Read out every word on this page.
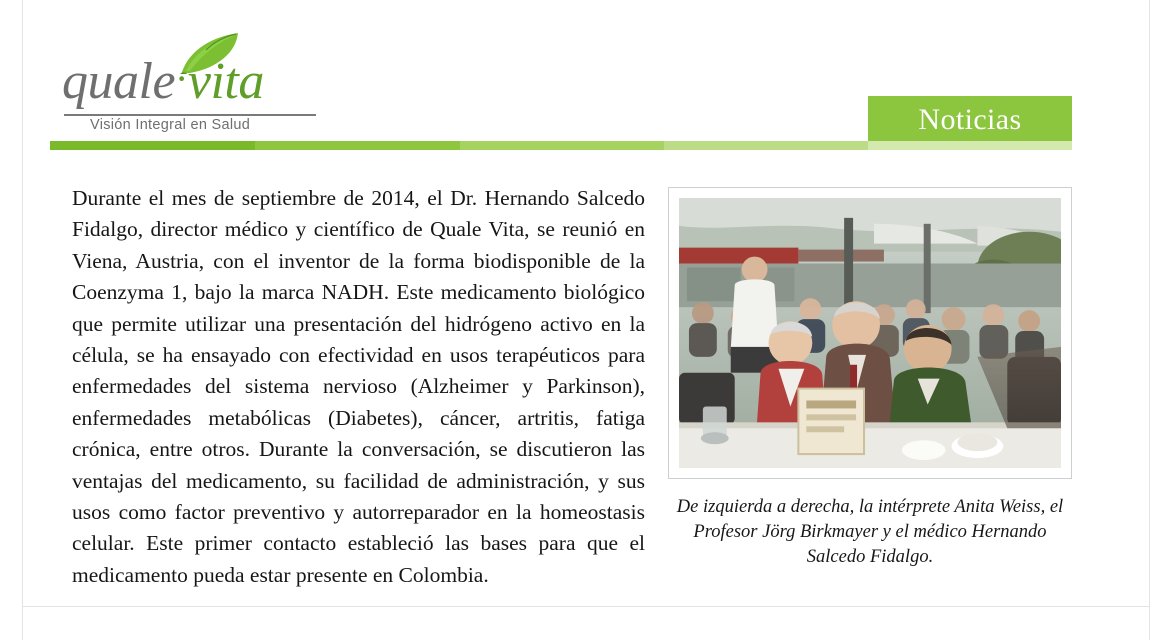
quale·vita
Visión Integral en Salud	Noticias
Durante el mes de septiembre de 2014, el Dr. Hernando Salcedo Fidalgo, director médico y científico de Quale Vita, se reunió en Viena, Austria, con el inventor de la forma biodisponible de la Coenzyma 1, bajo la marca NADH. Este medicamento biológico que permite utilizar una presentación del hidrógeno activo en la célula, se ha ensayado con efectividad en usos terapéuticos para enfermedades del sistema nervioso (Alzheimer y Parkinson), enfermedades metabólicas (Diabetes), cáncer, artritis, fatiga crónica, entre otros. Durante la conversación, se discutieron las ventajas del medicamento, su facilidad de administración, y sus usos como factor preventivo y autorreparador en la homeostasis celular. Este primer contacto estableció las bases para que el medicamento pueda estar presente en Colombia.
De izquierda a derecha, la intérprete Anita Weiss, el Profesor Jörg Birkmayer y el médico Hernando Salcedo Fidalgo.
